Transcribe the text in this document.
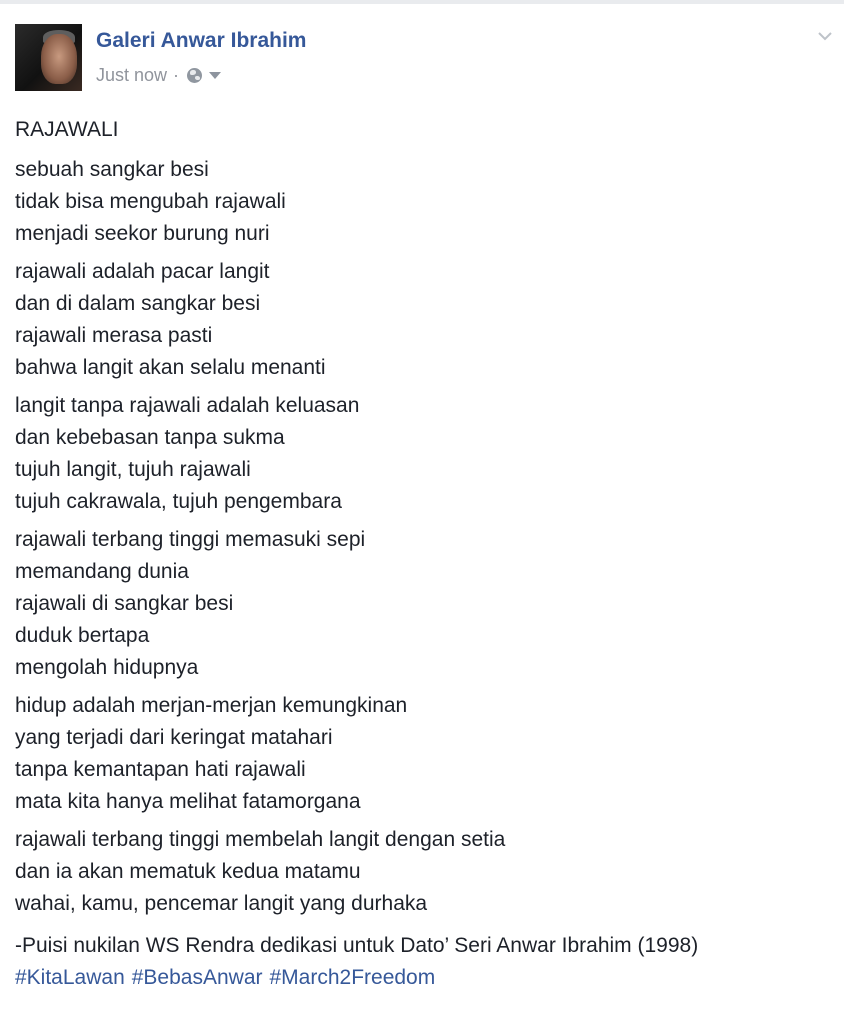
Galeri Anwar Ibrahim
Just now ·
RAJAWALI
sebuah sangkar besi
tidak bisa mengubah rajawali
menjadi seekor burung nuri
rajawali adalah pacar langit
dan di dalam sangkar besi
rajawali merasa pasti
bahwa langit akan selalu menanti
langit tanpa rajawali adalah keluasan
dan kebebasan tanpa sukma
tujuh langit, tujuh rajawali
tujuh cakrawala, tujuh pengembara
rajawali terbang tinggi memasuki sepi
memandang dunia
rajawali di sangkar besi
duduk bertapa
mengolah hidupnya
hidup adalah merjan-merjan kemungkinan
yang terjadi dari keringat matahari
tanpa kemantapan hati rajawali
mata kita hanya melihat fatamorgana
rajawali terbang tinggi membelah langit dengan setia
dan ia akan mematuk kedua matamu
wahai, kamu, pencemar langit yang durhaka
-Puisi nukilan WS Rendra dedikasi untuk Dato’ Seri Anwar Ibrahim (1998)
#KitaLawan #BebasAnwar #March2Freedom
